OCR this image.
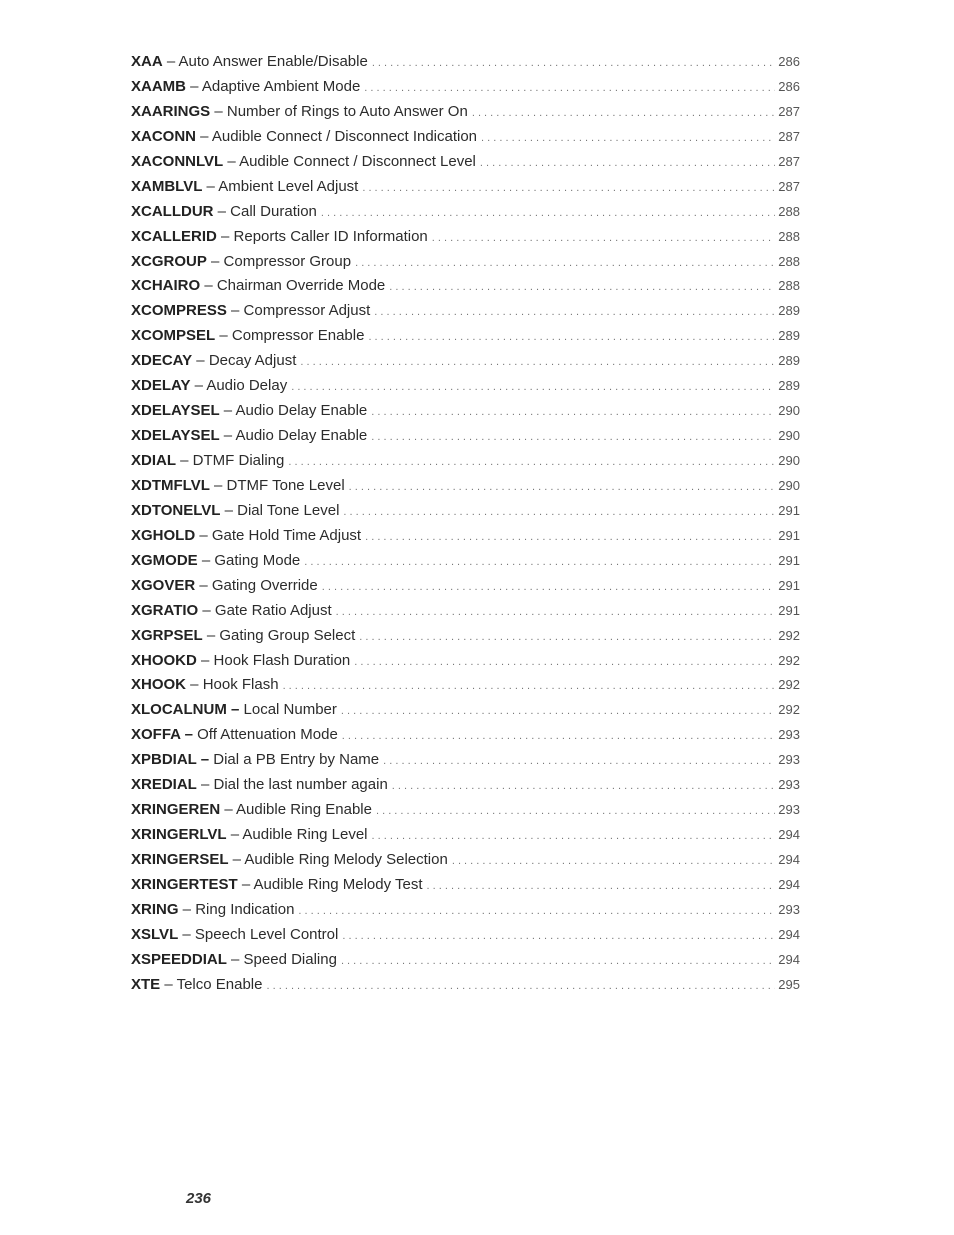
XAA – Auto Answer Enable/Disable . . .	286
XAAMB – Adaptive Ambient Mode . . .	286
XAARINGS – Number of Rings to Auto Answer On . . .	287
XACONN – Audible Connect / Disconnect Indication . . .	287
XACONNLVL – Audible Connect / Disconnect Level . . .	287
XAMBLVL – Ambient Level Adjust . . .	287
XCALLDUR – Call Duration . . .	288
XCALLERID – Reports Caller ID Information . . .	288
XCGROUP – Compressor Group . . .	288
XCHAIRO – Chairman Override Mode . . .	288
XCOMPRESS – Compressor Adjust . . .	289
XCOMPSEL – Compressor Enable . . .	289
XDECAY – Decay Adjust . . .	289
XDELAY – Audio Delay . . .	289
XDELAYSEL – Audio Delay Enable . . .	290
XDELAYSEL – Audio Delay Enable . . .	290
XDIAL – DTMF Dialing . . .	290
XDTMFLVL – DTMF Tone Level . . .	290
XDTONELVL – Dial Tone Level . . .	291
XGHOLD – Gate Hold Time Adjust . . .	291
XGMODE – Gating Mode . . .	291
XGOVER – Gating Override . . .	291
XGRATIO – Gate Ratio Adjust . . .	291
XGRPSEL – Gating Group Select . . .	292
XHOOKD – Hook Flash Duration . . .	292
XHOOK – Hook Flash . . .	292
XLOCALNUM – Local Number . . .	292
XOFFA – Off Attenuation Mode . . .	293
XPBDIAL – Dial a PB Entry by Name . . .	293
XREDIAL – Dial the last number again . . .	293
XRINGEREN – Audible Ring Enable . . .	293
XRINGERLVL – Audible Ring Level . . .	294
XRINGERSEL – Audible Ring Melody Selection . . .	294
XRINGERTEST – Audible Ring Melody Test . . .	294
XRING – Ring Indication . . .	293
XSLVL – Speech Level Control . . .	294
XSPEEDDIAL – Speed Dialing . . .	294
XTE – Telco Enable . . .	295
236
